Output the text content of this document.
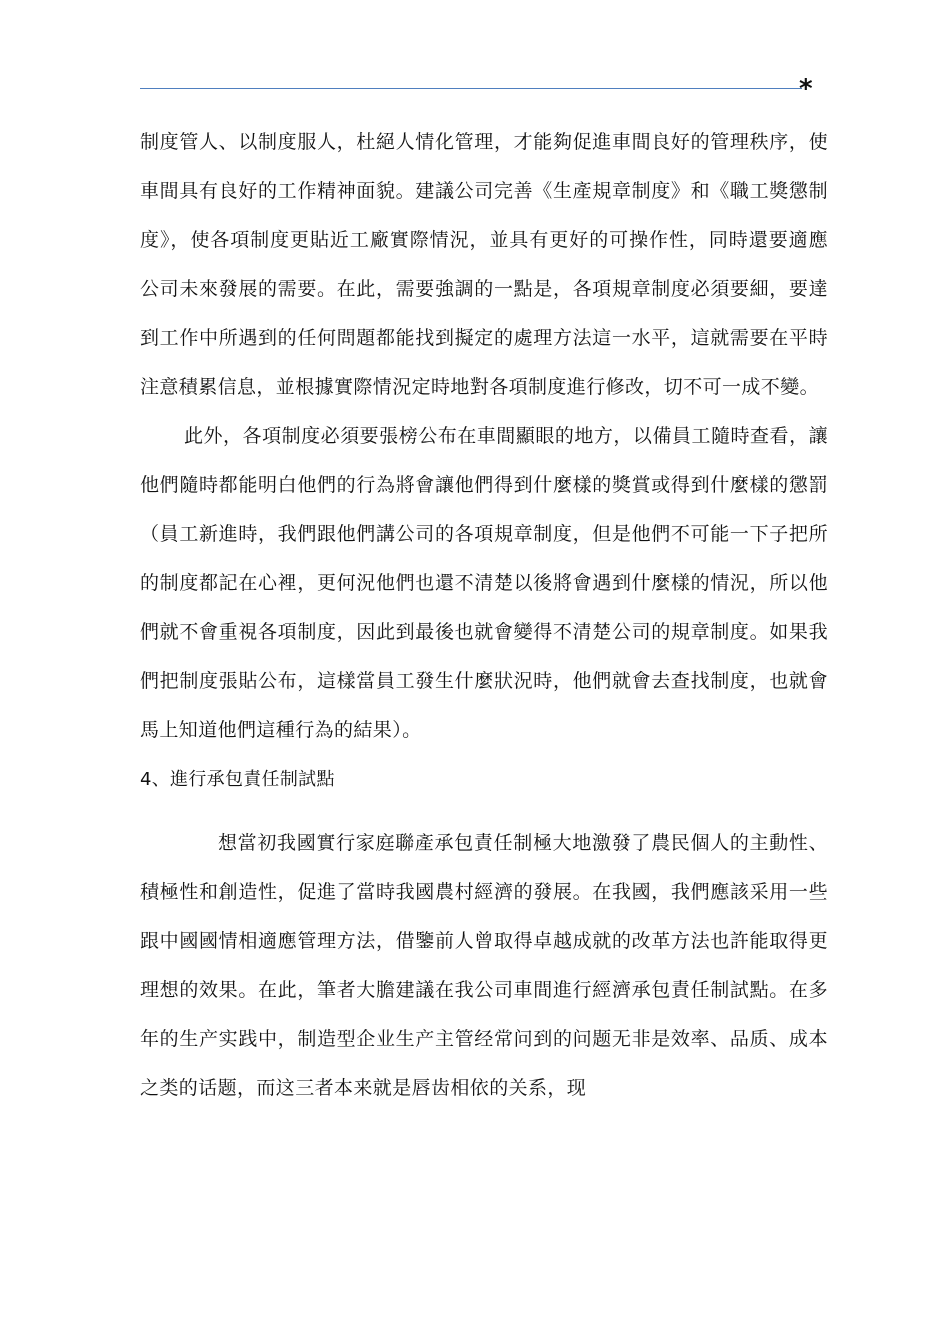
*

制度管人、以制度服人，杜絕人情化管理，才能夠促進車間良好的管理秩序，使車間具有良好的工作精神面貌。建議公司完善《生產規章制度》和《職工獎懲制度》，使各項制度更貼近工廠實際情況，並具有更好的可操作性，同時還要適應公司未來發展的需要。在此，需要強調的一點是，各項規章制度必須要細，要達到工作中所遇到的任何問題都能找到擬定的處理方法這一水平，這就需要在平時注意積累信息，並根據實際情況定時地對各項制度進行修改，切不可一成不變。

此外，各項制度必須要張榜公布在車間顯眼的地方，以備員工隨時查看，讓他們隨時都能明白他們的行為將會讓他們得到什麼樣的獎賞或得到什麼樣的懲罰（員工新進時，我們跟他們講公司的各項規章制度，但是他們不可能一下子把所的制度都記在心裡，更何況他們也還不清楚以後將會遇到什麼樣的情況，所以他們就不會重視各項制度，因此到最後也就會變得不清楚公司的規章制度。如果我們把制度張貼公布，這樣當員工發生什麼狀況時，他們就會去查找制度，也就會馬上知道他們這種行為的結果）。

4、進行承包責任制試點

想當初我國實行家庭聯產承包責任制極大地激發了農民個人的主動性、積極性和創造性，促進了當時我國農村經濟的發展。在我國，我們應該采用一些跟中國國情相適應管理方法，借鑒前人曾取得卓越成就的改革方法也許能取得更理想的效果。在此，筆者大膽建議在我公司車間進行經濟承包責任制試點。在多年的生产实践中，制造型企业生产主管经常问到的问题无非是效率、品质、成本之类的话题，而这三者本来就是唇齿相依的关系，现
